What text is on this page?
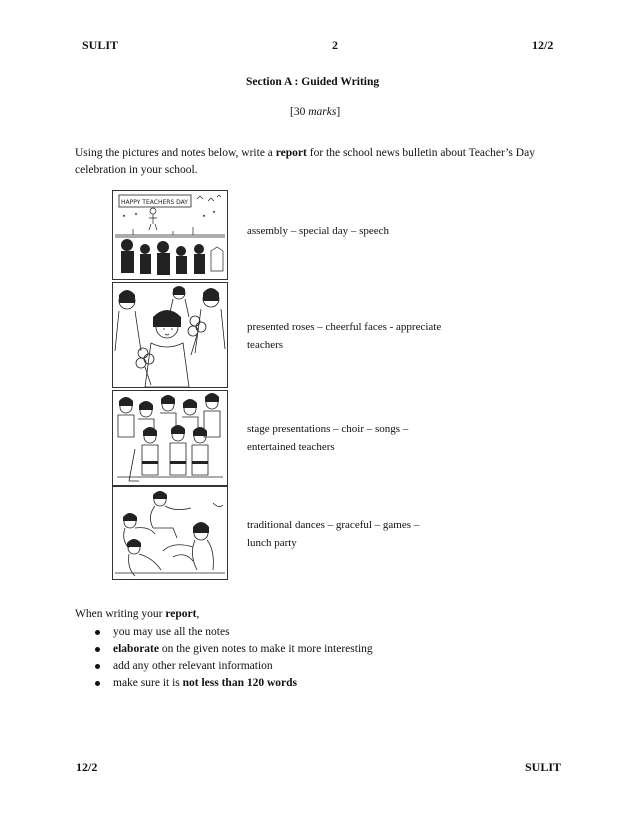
SULIT	2	12/2
Section A : Guided Writing
[30 marks]
Using the pictures and notes below, write a report for the school news bulletin about Teacher’s Day celebration in your school.
HAPPY TEACHERS DAY
assembly – special day – speech
presented roses – cheerful faces - appreciate
teachers
stage presentations – choir – songs –
entertained teachers
traditional dances – graceful – games –
lunch party
When writing your report,
you may use all the notes
elaborate on the given notes to make it more interesting
add any other relevant information
make sure it is not less than 120 words
12/2	SULIT
